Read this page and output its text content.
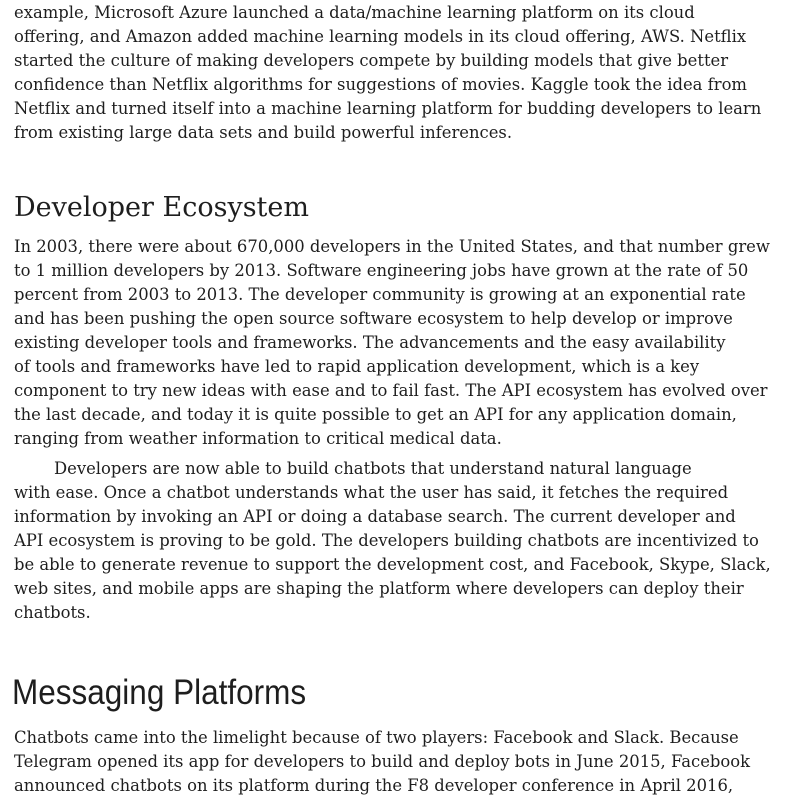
example, Microsoft Azure launched a data/machine learning platform on its cloud

offering, and Amazon added machine learning models in its cloud offering, AWS. Netflix

started the culture of making developers compete by building models that give better

confidence than Netflix algorithms for suggestions of movies. Kaggle took the idea from

Netflix and turned itself into a machine learning platform for budding developers to learn

from existing large data sets and build powerful inferences.

Developer Ecosystem

In 2003, there were about 670,000 developers in the United States, and that number grew

to 1 million developers by 2013. Software engineering jobs have grown at the rate of 50

percent from 2003 to 2013. The developer community is growing at an exponential rate

and has been pushing the open source software ecosystem to help develop or improve

existing developer tools and frameworks. The advancements and the easy availability

of tools and frameworks have led to rapid application development, which is a key

component to try new ideas with ease and to fail fast. The API ecosystem has evolved over

the last decade, and today it is quite possible to get an API for any application domain,

ranging from weather information to critical medical data.

Developers are now able to build chatbots that understand natural language

with ease. Once a chatbot understands what the user has said, it fetches the required

information by invoking an API or doing a database search. The current developer and

API ecosystem is proving to be gold. The developers building chatbots are incentivized to

be able to generate revenue to support the development cost, and Facebook, Skype, Slack,

web sites, and mobile apps are shaping the platform where developers can deploy their

chatbots.

Messaging Platforms

Chatbots came into the limelight because of two players: Facebook and Slack. Because

Telegram opened its app for developers to build and deploy bots in June 2015, Facebook

announced chatbots on its platform during the F8 developer conference in April 2016,
